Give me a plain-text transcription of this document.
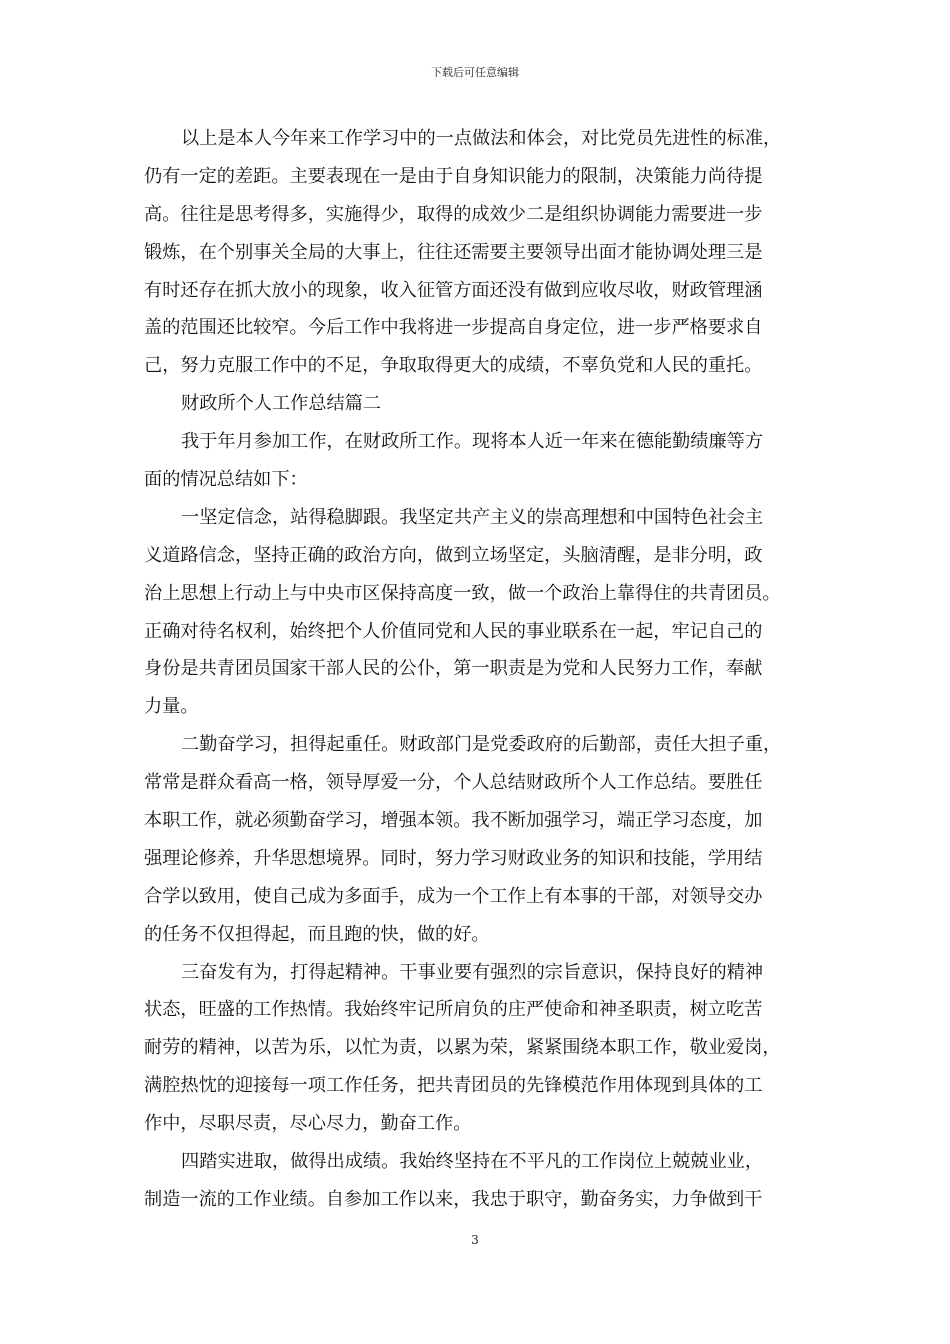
下载后可任意编辑
以上是本人今年来工作学习中的一点做法和体会，对比党员先进性的标准，
仍有一定的差距。主要表现在一是由于自身知识能力的限制，决策能力尚待提
高。往往是思考得多，实施得少，取得的成效少二是组织协调能力需要进一步
锻炼，在个别事关全局的大事上，往往还需要主要领导出面才能协调处理三是
有时还存在抓大放小的现象，收入征管方面还没有做到应收尽收，财政管理涵
盖的范围还比较窄。今后工作中我将进一步提高自身定位，进一步严格要求自
己，努力克服工作中的不足，争取取得更大的成绩，不辜负党和人民的重托。
财政所个人工作总结篇二
我于年月参加工作，在财政所工作。现将本人近一年来在德能勤绩廉等方
面的情况总结如下：
一坚定信念，站得稳脚跟。我坚定共产主义的崇高理想和中国特色社会主
义道路信念，坚持正确的政治方向，做到立场坚定，头脑清醒，是非分明，政
治上思想上行动上与中央市区保持高度一致，做一个政治上靠得住的共青团员。
正确对待名权利，始终把个人价值同党和人民的事业联系在一起，牢记自己的
身份是共青团员国家干部人民的公仆，第一职责是为党和人民努力工作，奉献
力量。
二勤奋学习，担得起重任。财政部门是党委政府的后勤部，责任大担子重，
常常是群众看高一格，领导厚爱一分，个人总结财政所个人工作总结。要胜任
本职工作，就必须勤奋学习，增强本领。我不断加强学习，端正学习态度，加
强理论修养，升华思想境界。同时，努力学习财政业务的知识和技能，学用结
合学以致用，使自己成为多面手，成为一个工作上有本事的干部，对领导交办
的任务不仅担得起，而且跑的快，做的好。
三奋发有为，打得起精神。干事业要有强烈的宗旨意识，保持良好的精神
状态，旺盛的工作热情。我始终牢记所肩负的庄严使命和神圣职责，树立吃苦
耐劳的精神，以苦为乐，以忙为责，以累为荣，紧紧围绕本职工作，敬业爱岗，
满腔热忱的迎接每一项工作任务，把共青团员的先锋模范作用体现到具体的工
作中，尽职尽责，尽心尽力，勤奋工作。
四踏实进取，做得出成绩。我始终坚持在不平凡的工作岗位上兢兢业业，
制造一流的工作业绩。自参加工作以来，我忠于职守，勤奋务实，力争做到干
3
